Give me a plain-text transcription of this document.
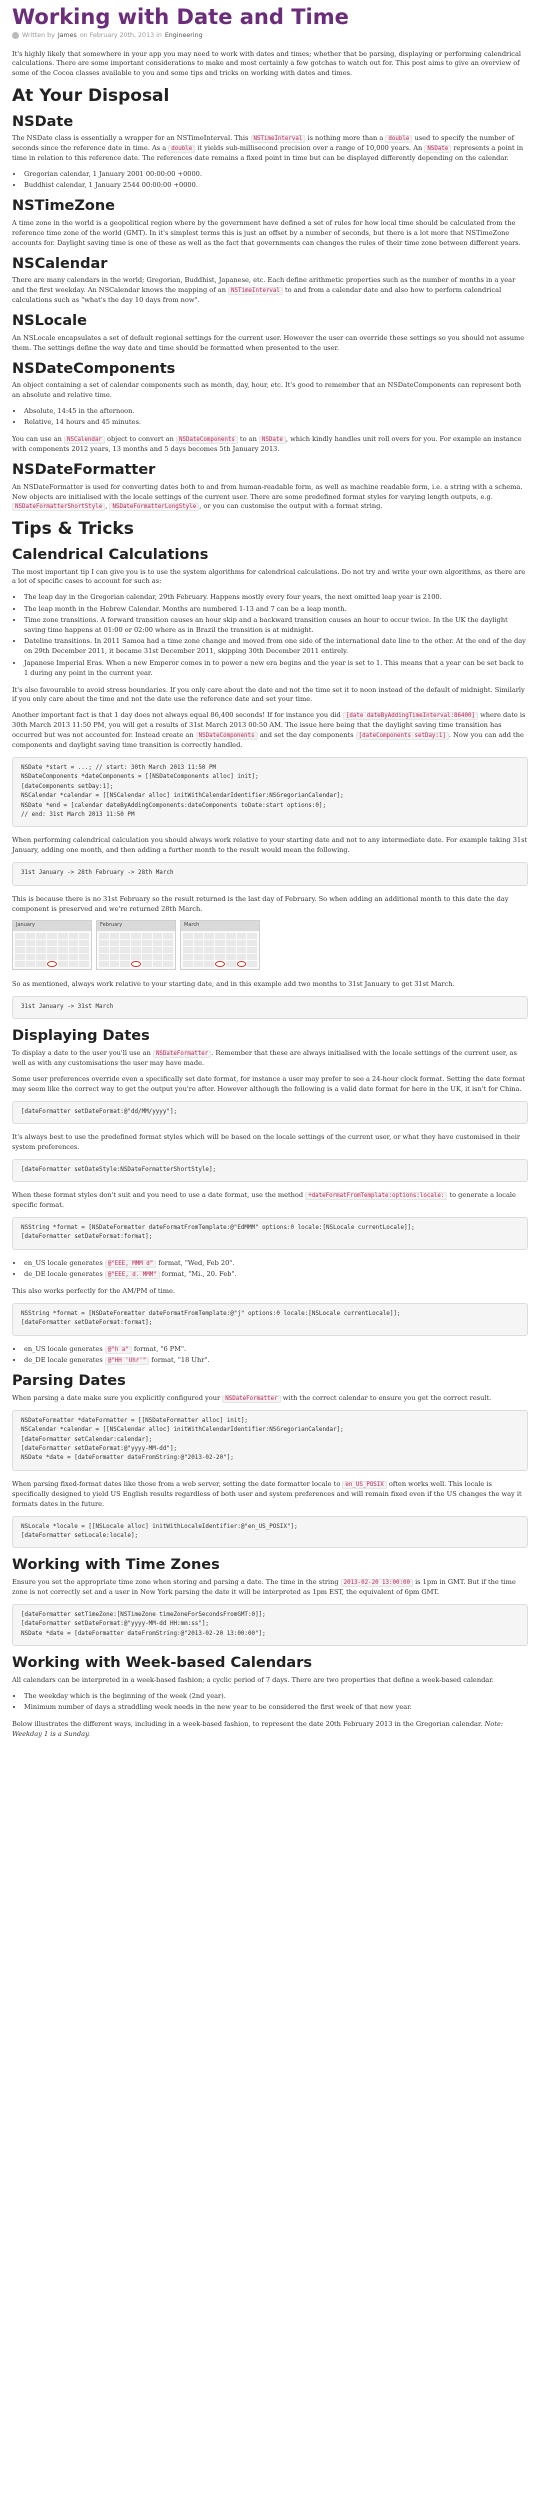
Working with Date and Time
Written by James on February 20th, 2013 in Engineering

It's highly likely that somewhere in your app you may need to work with dates and times; whether that be parsing, displaying or performing calendrical calculations. There are some important considerations to make and most certainly a few gotchas to watch out for. This post aims to give an overview of some of the Cocoa classes available to you and some tips and tricks on working with dates and times.

At Your Disposal
NSDate

The NSDate class is essentially a wrapper for an NSTimeInterval. This NSTimeInterval is nothing more than a double used to specify the number of seconds since the reference date in time. As a double it yields sub-millisecond precision over a range of 10,000 years. An NSDate represents a point in time in relation to this reference date. The references date remains a fixed point in time but can be displayed differently depending on the calendar.

• Gregorian calendar, 1 January 2001 00:00:00 +0000.
• Buddhist calendar, 1 January 2544 00:00:00 +0000.
NSTimeZone

A time zone in the world is a geopolitical region where by the government have defined a set of rules for how local time should be calculated from the reference time zone of the world (GMT). In it's simplest terms this is just an offset by a number of seconds, but there is a lot more that NSTimeZone accounts for. Daylight saving time is one of these as well as the fact that governments can changes the rules of their time zone between different years.

NSCalendar

There are many calendars in the world; Gregorian, Buddhist, Japanese, etc. Each define arithmetic properties such as the number of months in a year and the first weekday. An NSCalendar knows the mapping of an NSTimeInterval to and from a calendar date and also how to perform calendrical calculations such as "what's the day 10 days from now".

NSLocale

An NSLocale encapsulates a set of default regional settings for the current user. However the user can override these settings so you should not assume them. The settings define the way date and time should be formatted when presented to the user.

NSDateComponents

An object containing a set of calendar components such as month, day, hour, etc. It's good to remember that an NSDateComponents can represent both an absolute and relative time.

• Absolute, 14:45 in the afternoon.
• Relative, 14 hours and 45 minutes.

You can use an NSCalendar object to convert an NSDateComponents to an NSDate , which kindly handles unit roll overs for you. For example an instance with components 2012 years, 13 months and 5 days becomes 5th January 2013.

NSDateFormatter

An NSDateFormatter is used for converting dates both to and from human-readable form, as well as machine readable form, i.e. a string with a schema. New objects are initialised with the locale settings of the current user. There are some predefined format styles for varying length outputs, e.g. NSDateFormatterShortStyle , NSDateFormatterLongStyle , or you can customise the output with a format string.

Tips & Tricks
Calendrical Calculations

The most important tip I can give you is to use the system algorithms for calendrical calculations. Do not try and write your own algorithms, as there are a lot of specific cases to account for such as:

• The leap day in the Gregorian calendar, 29th February. Happens mostly every four years, the next omitted leap year is 2100.
• The leap month in the Hebrew Calendar. Months are numbered 1-13 and 7 can be a leap month.
• Time zone transitions. A forward transition causes an hour skip and a backward transition causes an hour to occur twice. In the UK the daylight saving time happens at 01:00 or 02:00 where as in Brazil the transition is at midnight.
• Dateline transitions. In 2011 Samoa had a time zone change and moved from one side of the international date line to the other. At the end of the day on 29th December 2011, it became 31st December 2011, skipping 30th December 2011 entirely.
• Japanese Imperial Eras. When a new Emperor comes in to power a new era begins and the year is set to 1. This means that a year can be set back to 1 during any point in the current year.

It's also favourable to avoid stress boundaries. If you only care about the date and not the time set it to noon instead of the default of midnight. Similarly if you only care about the time and not the date use the reference date and set your time.

Another important fact is that 1 day does not always equal 86,400 seconds! If for instance you did [date dateByAddingTimeInterval:86400] where date is 30th March 2013 11:50 PM, you will get a results of 31st March 2013 00:50 AM. The issue here being that the daylight saving time transition has occurred but was not accounted for. Instead create an NSDateComponents and set the day components [dateComponents setDay:1] . Now you can add the components and daylight saving time transition is correctly handled.

NSDate *start = ...; // start: 30th March 2013 11:50 PM
NSDateComponents *dateComponents = [[NSDateComponents alloc] init];
[dateComponents setDay:1];
NSCalendar *calendar = [[NSCalendar alloc] initWithCalendarIdentifier:NSGregorianCalendar];
NSDate *end = [calendar dateByAddingComponents:dateComponents toDate:start options:0];
// end: 31st March 2013 11:50 PM

When performing calendrical calculation you should always work relative to your starting date and not to any intermediate date. For example taking 31st January, adding one month, and then adding a further month to the result would mean the following.

31st January -> 28th February -> 28th March

This is because there is no 31st February so the result returned is the last day of February. So when adding an additional month to this date the day component is preserved and we're returned 28th March.

January	February	March

So as mentioned, always work relative to your starting date, and in this example add two months to 31st January to get 31st March.

31st January -> 31st March
Displaying Dates

To display a date to the user you'll use an NSDateFormatter . Remember that these are always initialised with the locale settings of the current user, as well as with any customisations the user may have made.

Some user preferences override even a specifically set date format, for instance a user may prefer to see a 24-hour clock format. Setting the date format may seem like the correct way to get the output you're after. However although the following is a valid date format for here in the UK, it isn't for China.

[dateFormatter setDateFormat:@"dd/MM/yyyy"];

It's always best to use the predefined format styles which will be based on the locale settings of the current user, or what they have customised in their system preferences.

[dateFormatter setDateStyle:NSDateFormatterShortStyle];

When these format styles don't suit and you need to use a date format, use the method +dateFormatFromTemplate:options:locale: to generate a locale specific format.

NSString *format = [NSDateFormatter dateFormatFromTemplate:@"EdMMM" options:0 locale:[NSLocale currentLocale]];
[dateFormatter setDateFormat:format];
• en_US locale generates @"EEE, MMM d" format, "Wed, Feb 20".
• de_DE locale generates @"EEE, d. MMM" format, "Mi., 20. Feb".

This also works perfectly for the AM/PM of time.

NSString *format = [NSDateFormatter dateFormatFromTemplate:@"j" options:0 locale:[NSLocale currentLocale]];
[dateFormatter setDateFormat:format];
• en_US locale generates @"h a" format, "6 PM".
• de_DE locale generates @"HH 'Uhr'" format, "18 Uhr".
Parsing Dates

When parsing a date make sure you explicitly configured your NSDateFormatter with the correct calendar to ensure you get the correct result.

NSDateFormatter *dateFormatter = [[NSDateFormatter alloc] init];
NSCalendar *calendar = [[NSCalendar alloc] initWithCalendarIdentifier:NSGregorianCalendar];
[dateFormatter setCalendar:calendar];
[dateFormatter setDateFormat:@"yyyy-MM-dd"];
NSDate *date = [dateFormatter dateFromString:@"2013-02-20"];

When parsing fixed-format dates like those from a web server, setting the date formatter locale to en_US_POSIX often works well. This locale is specifically designed to yield US English results regardless of both user and system preferences and will remain fixed even if the US changes the way it formats dates in the future.

NSLocale *locale = [[NSLocale alloc] initWithLocaleIdentifier:@"en_US_POSIX"];
[dateFormatter setLocale:locale];
Working with Time Zones

Ensure you set the appropriate time zone when storing and parsing a date. The time in the string 2013-02-20 13:00:00 is 1pm in GMT. But if the time zone is not correctly set and a user in New York parsing the date it will be interpreted as 1pm EST, the equivalent of 6pm GMT.

[dateFormatter setTimeZone:[NSTimeZone timeZoneForSecondsFromGMT:0]];
[dateFormatter setDateFormat:@"yyyy-MM-dd HH:mm:ss"];
NSDate *date = [dateFormatter dateFromString:@"2013-02-20 13:00:00"];
Working with Week-based Calendars

All calendars can be interpreted in a week-based fashion; a cyclic period of 7 days. There are two properties that define a week-based calendar.

• The weekday which is the beginning of the week (2nd year).
• Minimum number of days a straddling week needs in the new year to be considered the first week of that new year.

Below illustrates the different ways, including in a week-based fashion, to represent the date 20th February 2013 in the Gregorian calendar. Note: Weekday 1 is a Sunday.
